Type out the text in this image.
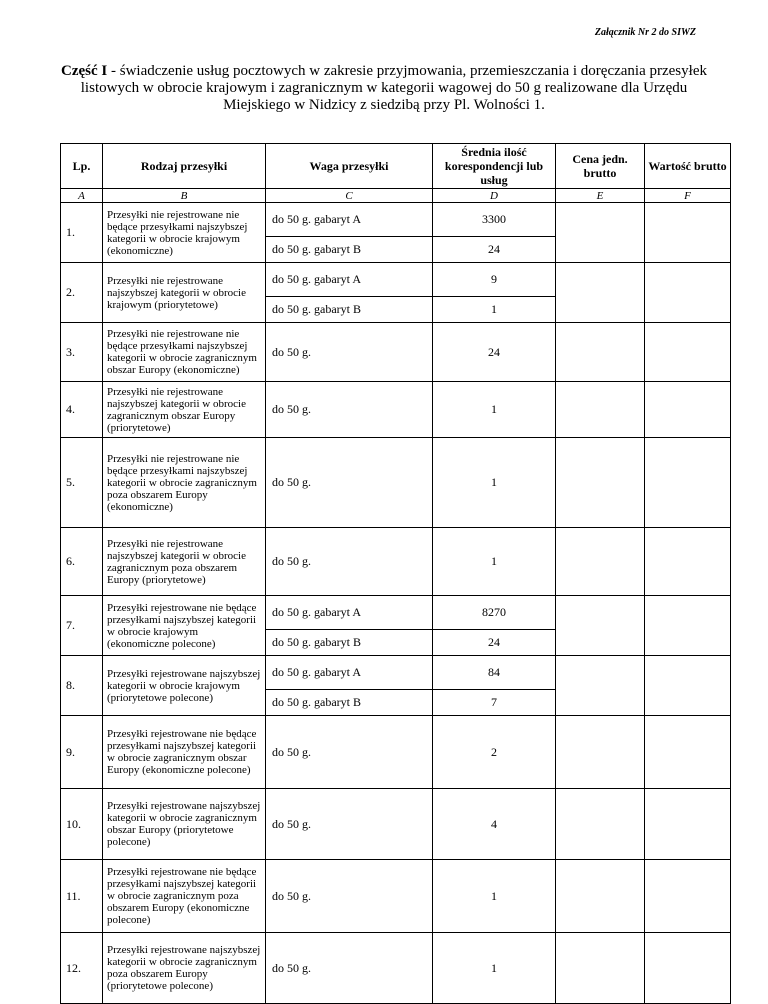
Załącznik Nr 2 do SIWZ
Część I - świadczenie usług pocztowych w zakresie przyjmowania, przemieszczania i doręczania przesyłek listowych w obrocie krajowym i zagranicznym w kategorii wagowej do 50 g realizowane dla Urzędu Miejskiego w Nidzicy z siedzibą przy Pl. Wolności 1.
Lp.	Rodzaj przesyłki	Waga przesyłki	Średnia ilość korespondencji lub usług	Cena jedn. brutto	Wartość brutto
A	B	C	D	E	F
1.	Przesyłki nie rejestrowane nie będące przesyłkami najszybszej kategorii w obrocie krajowym (ekonomiczne)	do 50 g. gabaryt A	3300		
		do 50 g. gabaryt B	24		
2.	Przesyłki nie rejestrowane najszybszej kategorii w obrocie krajowym (priorytetowe)	do 50 g. gabaryt A	9		
		do 50 g. gabaryt B	1		
3.	Przesyłki nie rejestrowane nie będące przesyłkami najszybszej kategorii w obrocie zagranicznym obszar Europy (ekonomiczne)	do 50 g.	24		
4.	Przesyłki nie rejestrowane najszybszej kategorii w obrocie zagranicznym obszar Europy (priorytetowe)	do 50 g.	1		
5.	Przesyłki nie rejestrowane nie będące przesyłkami najszybszej kategorii w obrocie zagranicznym poza obszarem Europy (ekonomiczne)	do 50 g.	1		
6.	Przesyłki nie rejestrowane najszybszej kategorii w obrocie zagranicznym poza obszarem Europy (priorytetowe)	do 50 g.	1		
7.	Przesyłki rejestrowane nie będące przesyłkami najszybszej kategorii w obrocie krajowym (ekonomiczne polecone)	do 50 g. gabaryt A	8270		
		do 50 g. gabaryt B	24		
8.	Przesyłki rejestrowane najszybszej kategorii w obrocie krajowym (priorytetowe polecone)	do 50 g. gabaryt A	84		
		do 50 g. gabaryt B	7		
9.	Przesyłki rejestrowane nie będące przesyłkami najszybszej kategorii w obrocie zagranicznym obszar Europy (ekonomiczne polecone)	do 50 g.	2		
10.	Przesyłki rejestrowane najszybszej kategorii w obrocie zagranicznym obszar Europy (priorytetowe polecone)	do 50 g.	4		
11.	Przesyłki rejestrowane nie będące przesyłkami najszybszej kategorii w obrocie zagranicznym poza obszarem Europy (ekonomiczne polecone)	do 50 g.	1		
12.	Przesyłki rejestrowane najszybszej kategorii w obrocie zagranicznym poza obszarem Europy (priorytetowe polecone)	do 50 g.	1		
